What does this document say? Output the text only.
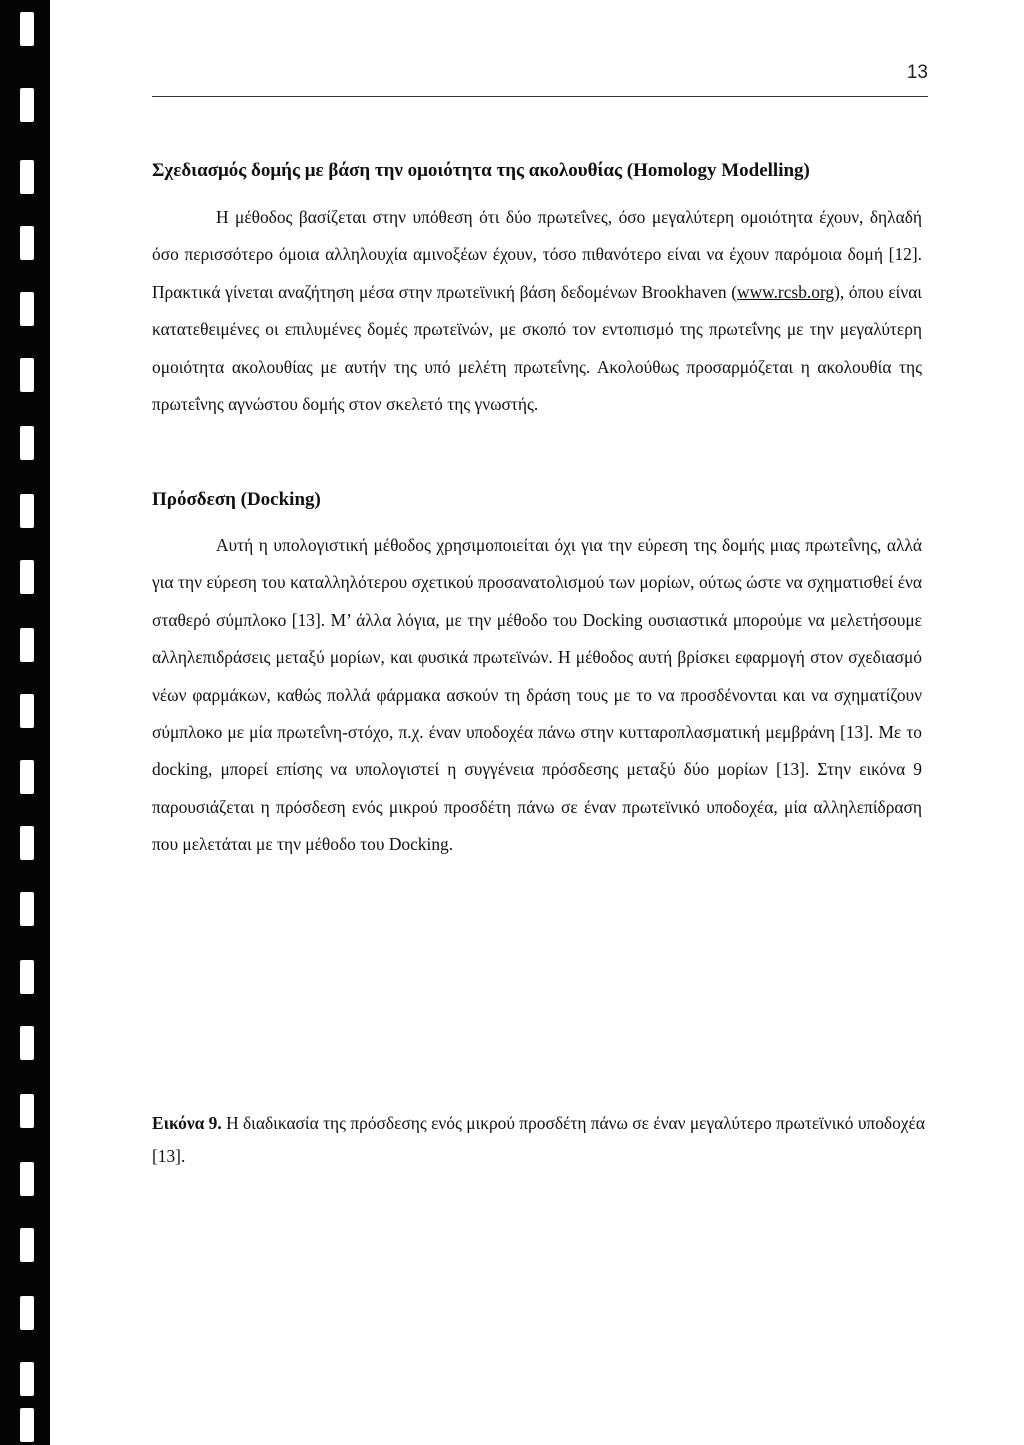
13
Σχεδιασμός δομής με βάση την ομοιότητα της ακολουθίας (Homology Modelling)

Η μέθοδος βασίζεται στην υπόθεση ότι δύο πρωτεΐνες, όσο μεγαλύτερη ομοιότητα έχουν, δηλαδή όσο περισσότερο όμοια αλληλουχία αμινοξέων έχουν, τόσο πιθανότερο είναι να έχουν παρόμοια δομή [12]. Πρακτικά γίνεται αναζήτηση μέσα στην πρωτεϊνική βάση δεδομένων Brookhaven (www.rcsb.org), όπου είναι κατατεθειμένες οι επιλυμένες δομές πρωτεϊνών, με σκοπό τον εντοπισμό της πρωτεΐνης με την μεγαλύτερη ομοιότητα ακολουθίας με αυτήν της υπό μελέτη πρωτεΐνης. Ακολούθως προσαρμόζεται η ακολουθία της πρωτεΐνης αγνώστου δομής στον σκελετό της γνωστής.

Πρόσδεση (Docking)

Αυτή η υπολογιστική μέθοδος χρησιμοποιείται όχι για την εύρεση της δομής μιας πρωτεΐνης, αλλά για την εύρεση του καταλληλότερου σχετικού προσανατολισμού των μορίων, ούτως ώστε να σχηματισθεί ένα σταθερό σύμπλοκο [13]. Μ’ άλλα λόγια, με την μέθοδο του Docking ουσιαστικά μπορούμε να μελετήσουμε αλληλεπιδράσεις μεταξύ μορίων, και φυσικά πρωτεϊνών. Η μέθοδος αυτή βρίσκει εφαρμογή στον σχεδιασμό νέων φαρμάκων, καθώς πολλά φάρμακα ασκούν τη δράση τους με το να προσδένονται και να σχηματίζουν σύμπλοκο με μία πρωτεΐνη-στόχο, π.χ. έναν υποδοχέα πάνω στην κυτταροπλασματική μεμβράνη [13]. Με το docking, μπορεί επίσης να υπολογιστεί η συγγένεια πρόσδεσης μεταξύ δύο μορίων [13]. Στην εικόνα 9 παρουσιάζεται η πρόσδεση ενός μικρού προσδέτη πάνω σε έναν πρωτεϊνικό υποδοχέα, μία αλληλεπίδραση που μελετάται με την μέθοδο του Docking.

Εικόνα 9. Η διαδικασία της πρόσδεσης ενός μικρού προσδέτη πάνω σε έναν μεγαλύτερο πρωτεϊνικό υποδοχέα [13].
